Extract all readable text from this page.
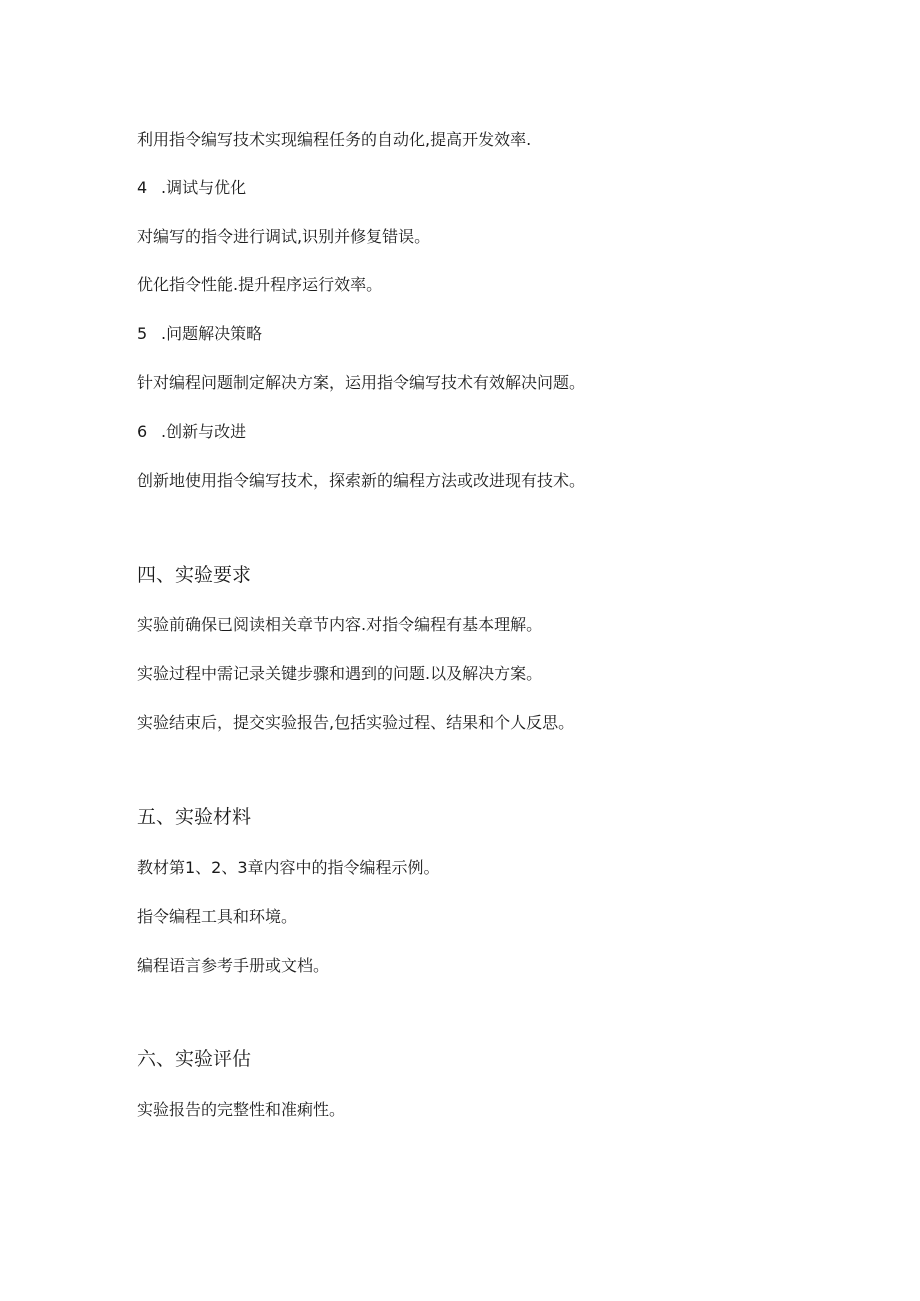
利用指令编写技术实现编程任务的自动化,提高开发效率.
4 .调试与优化
对编写的指令进行调试,识别并修复错误。
优化指令性能.提升程序运行效率。
5 .问题解决策略
针对编程问题制定解决方案，运用指令编写技术有效解决问题。
6 .创新与改进
创新地使用指令编写技术，探索新的编程方法或改进现有技术。
四、实验要求
实验前确保已阅读相关章节内容.对指令编程有基本理解。
实验过程中需记录关键步骤和遇到的问题.以及解决方案。
实验结束后，提交实验报告,包括实验过程、结果和个人反思。
五、实验材料
教材第1、2、3章内容中的指令编程示例。
指令编程工具和环境。
编程语言参考手册或文档。
六、实验评估
实验报告的完整性和准痢性。
